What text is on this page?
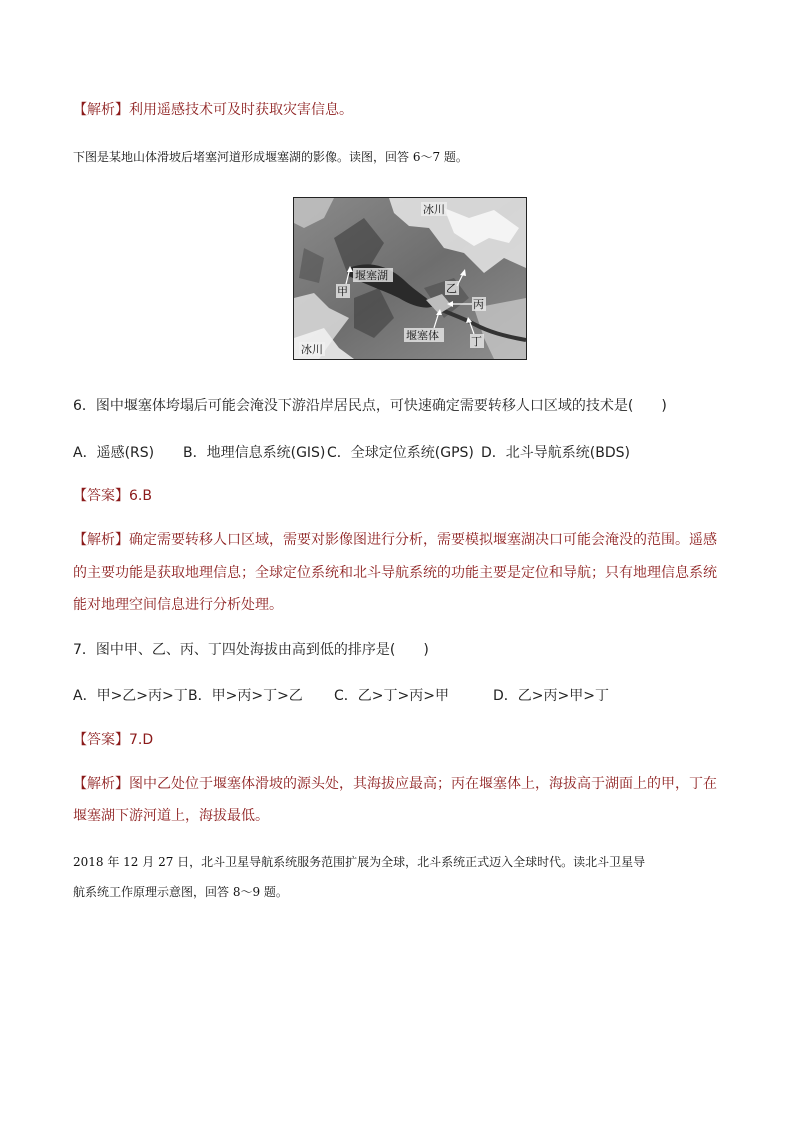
【解析】利用遥感技术可及时获取灾害信息。
下图是某地山体滑坡后堵塞河道形成堰塞湖的影像。读图，回答 6～7 题。
冰川
堰塞湖
甲	乙
丙
堰塞体	丁
冰川
6．图中堰塞体垮塌后可能会淹没下游沿岸居民点，可快速确定需要转移人口区域的技术是(　　)
A．遥感(RS) B．地理信息系统(GIS) C．全球定位系统(GPS) D．北斗导航系统(BDS)
【答案】6.B
【解析】确定需要转移人口区域，需要对影像图进行分析，需要模拟堰塞湖决口可能会淹没的范围。遥感
的主要功能是获取地理信息；全球定位系统和北斗导航系统的功能主要是定位和导航；只有地理信息系统
能对地理空间信息进行分析处理。
7．图中甲、乙、丙、丁四处海拔由高到低的排序是(　　)
A．甲>乙>丙>丁 B．甲>丙>丁>乙 C．乙>丁>丙>甲	D．乙>丙>甲>丁
【答案】7.D
【解析】图中乙处位于堰塞体滑坡的源头处，其海拔应最高；丙在堰塞体上，海拔高于湖面上的甲，丁在
堰塞湖下游河道上，海拔最低。
2018 年 12 月 27 日，北斗卫星导航系统服务范围扩展为全球，北斗系统正式迈入全球时代。读北斗卫星导
航系统工作原理示意图，回答 8～9 题。
